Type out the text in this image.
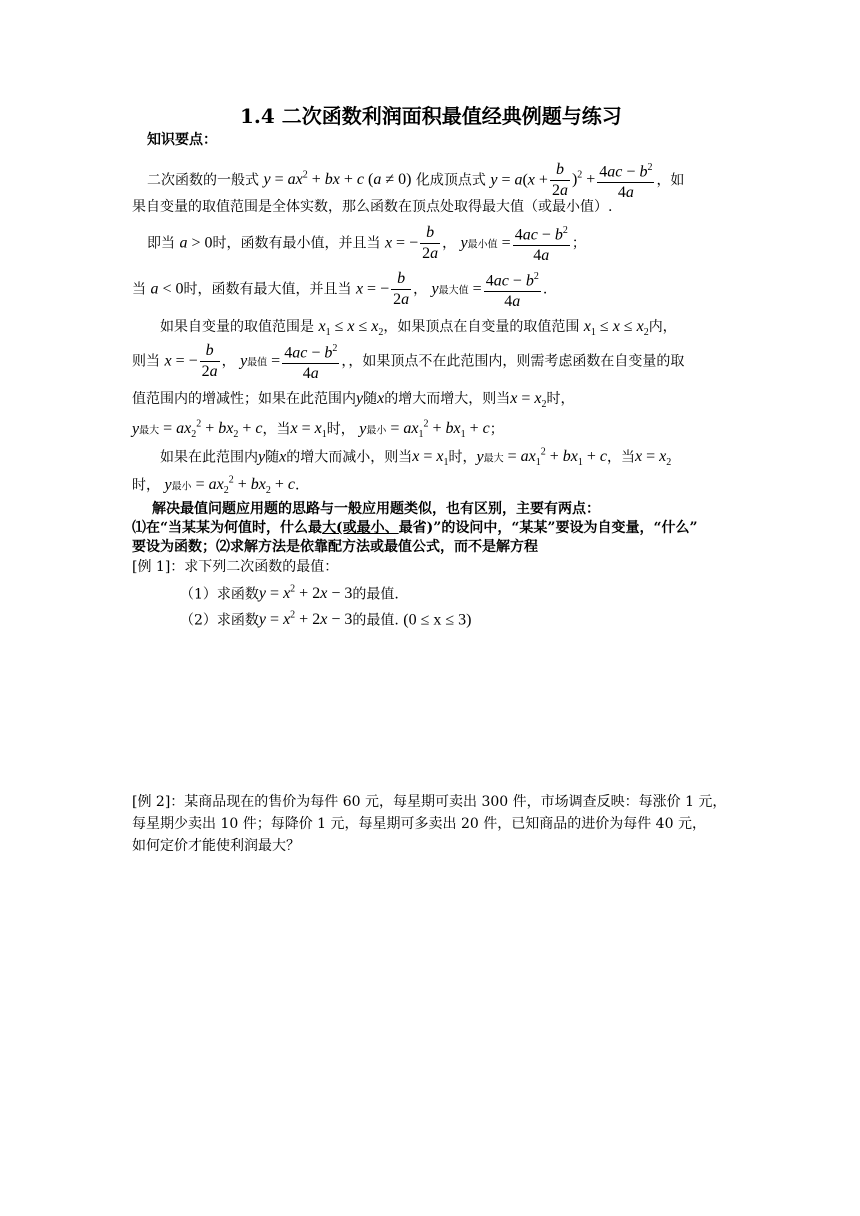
1.4 二次函数利润面积最值经典例题与练习
知识要点：
二次函数的一般式 $y = ax^2$ + bx + c (a ≠ 0) 化成顶点式 $y = a(x + \frac{b}{2a} )^2 + \frac{4ac - b^2}{4a}$ ，如
果自变量的取值范围是全体实数，那么函数在顶点处取得最大值（或最小值）.
即当 a > 0时，函数有最小值，并且当 x = − $\frac{b}{2a}$ ， y最小值 = $\frac{4ac - b^2}{4a}$ ；
当 a < 0时，函数有最大值，并且当 x = − $\frac{b}{2a}$ ， y最大值 = $\frac{4ac - b^2}{4a}$ .
如果自变量的取值范围是 $x_1 \le x \le x_2$，如果顶点在自变量的取值范围 $x_1 \le x \le x_2$内，
则当 x = − $\frac{b}{2a}$ ， y最值 = $\frac{4ac - b^2}{4a}$ ，，如果顶点不在此范围内，则需考虑函数在自变量的取
值范围内的增减性；如果在此范围内y随x的增大而增大，则当$x = x_2$时，
y最大 = $ax_2^2 + bx_2 + c$，当$x = x_1$时， y最小 = $ax_1^2 + bx_1 + c$；
如果在此范围内y随x的增大而减小，则当$x = x_1$时，y最大 = $ax_1^2 + bx_1 + c$，当$x = x_2$
时， y最小 = $ax_2^2 + bx_2 + c$.
解决最值问题应用题的思路与一般应用题类似，也有区别，主要有两点：
⑴在“当某某为何值时，什么最大(或最小、最省)”的设问中，“某某”要设为自变量，“什么”
要设为函数；⑵求解方法是依靠配方法或最值公式，而不是解方程
[例 1]：求下列二次函数的最值：
（1）求函数$y = x^2 + 2x - 3$的最值.
（2）求函数$y = x^2 + 2x - 3$的最值. (0 ≤ x ≤ 3)
[例 2]：某商品现在的售价为每件 60 元，每星期可卖出 300 件，市场调查反映：每涨价 1 元，
每星期少卖出 10 件；每降价 1 元，每星期可多卖出 20 件，已知商品的进价为每件 40 元，
如何定价才能使利润最大？
